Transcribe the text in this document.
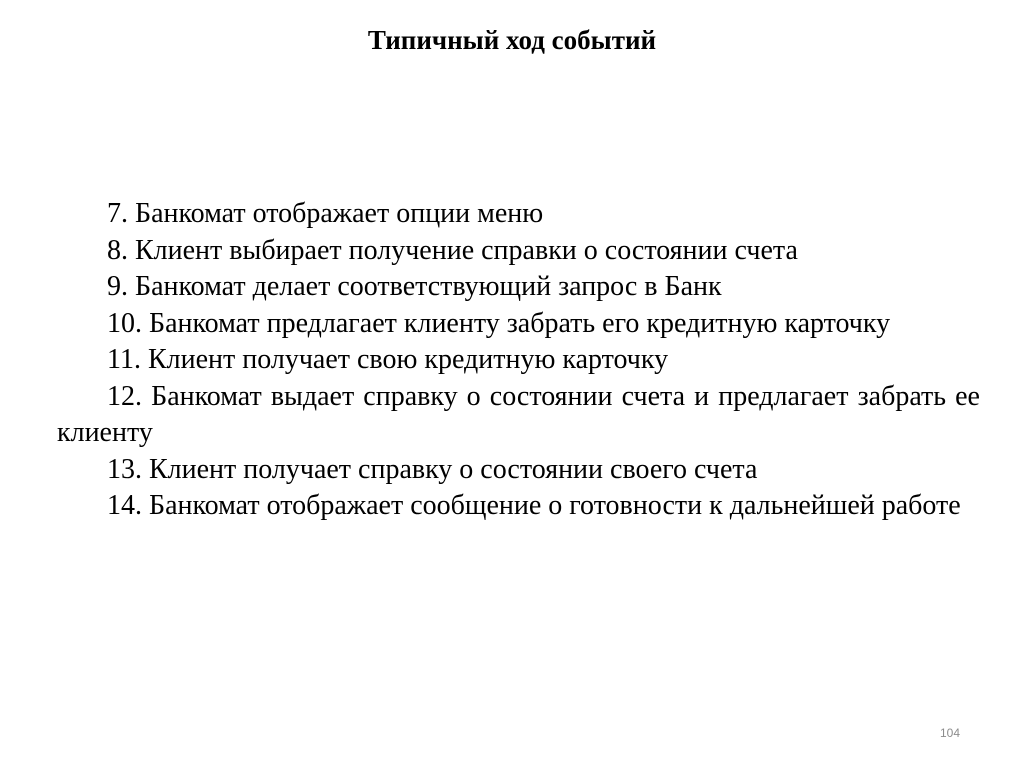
Типичный ход событий

7. Банкомат отображает опции меню

8. Клиент выбирает получение справки о состоянии счета

9. Банкомат делает соответствующий запрос в Банк

10. Банкомат предлагает клиенту забрать его кредитную карточку

11. Клиент получает свою кредитную карточку

12. Банкомат выдает справку о состоянии счета и предлагает забрать ее клиенту

13. Клиент получает справку о состоянии своего счета

14. Банкомат отображает сообщение о готовности к дальнейшей работе

104
